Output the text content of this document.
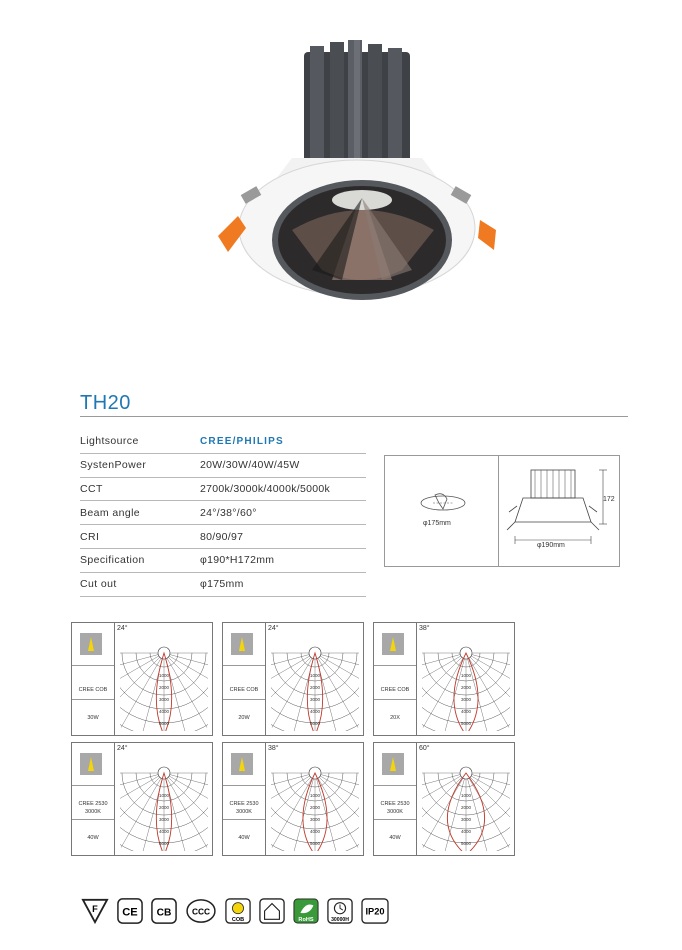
TH20
Lightsource	CREE/PHILIPS
SystenPower	20W/30W/40W/45W
CCT	2700k/3000k/4000k/5000k
Beam angle	24°/38°/60°
CRI	80/90/97
Specification	φ190*H172mm
Cut out	φ175mm
φ175mm
172
φ190mm
CREE COB
30W
24°
1000
2000
3000
4000
5000
CREE COB
20W
24°
1000
2000
3000
4000
5000
CREE COB
20X
38°
1000
2000
3000
4000
5000
CREE 2530
3000K
40W
24°
1000
2000
3000
4000
5000
CREE 2530
3000K
40W
38°
1000
2000
3000
4000
5000
CREE 2530
3000K
40W
60°
1000
2000
3000
4000
5000
F CE CB CCC
COB	RoHS	30000H
IP20
